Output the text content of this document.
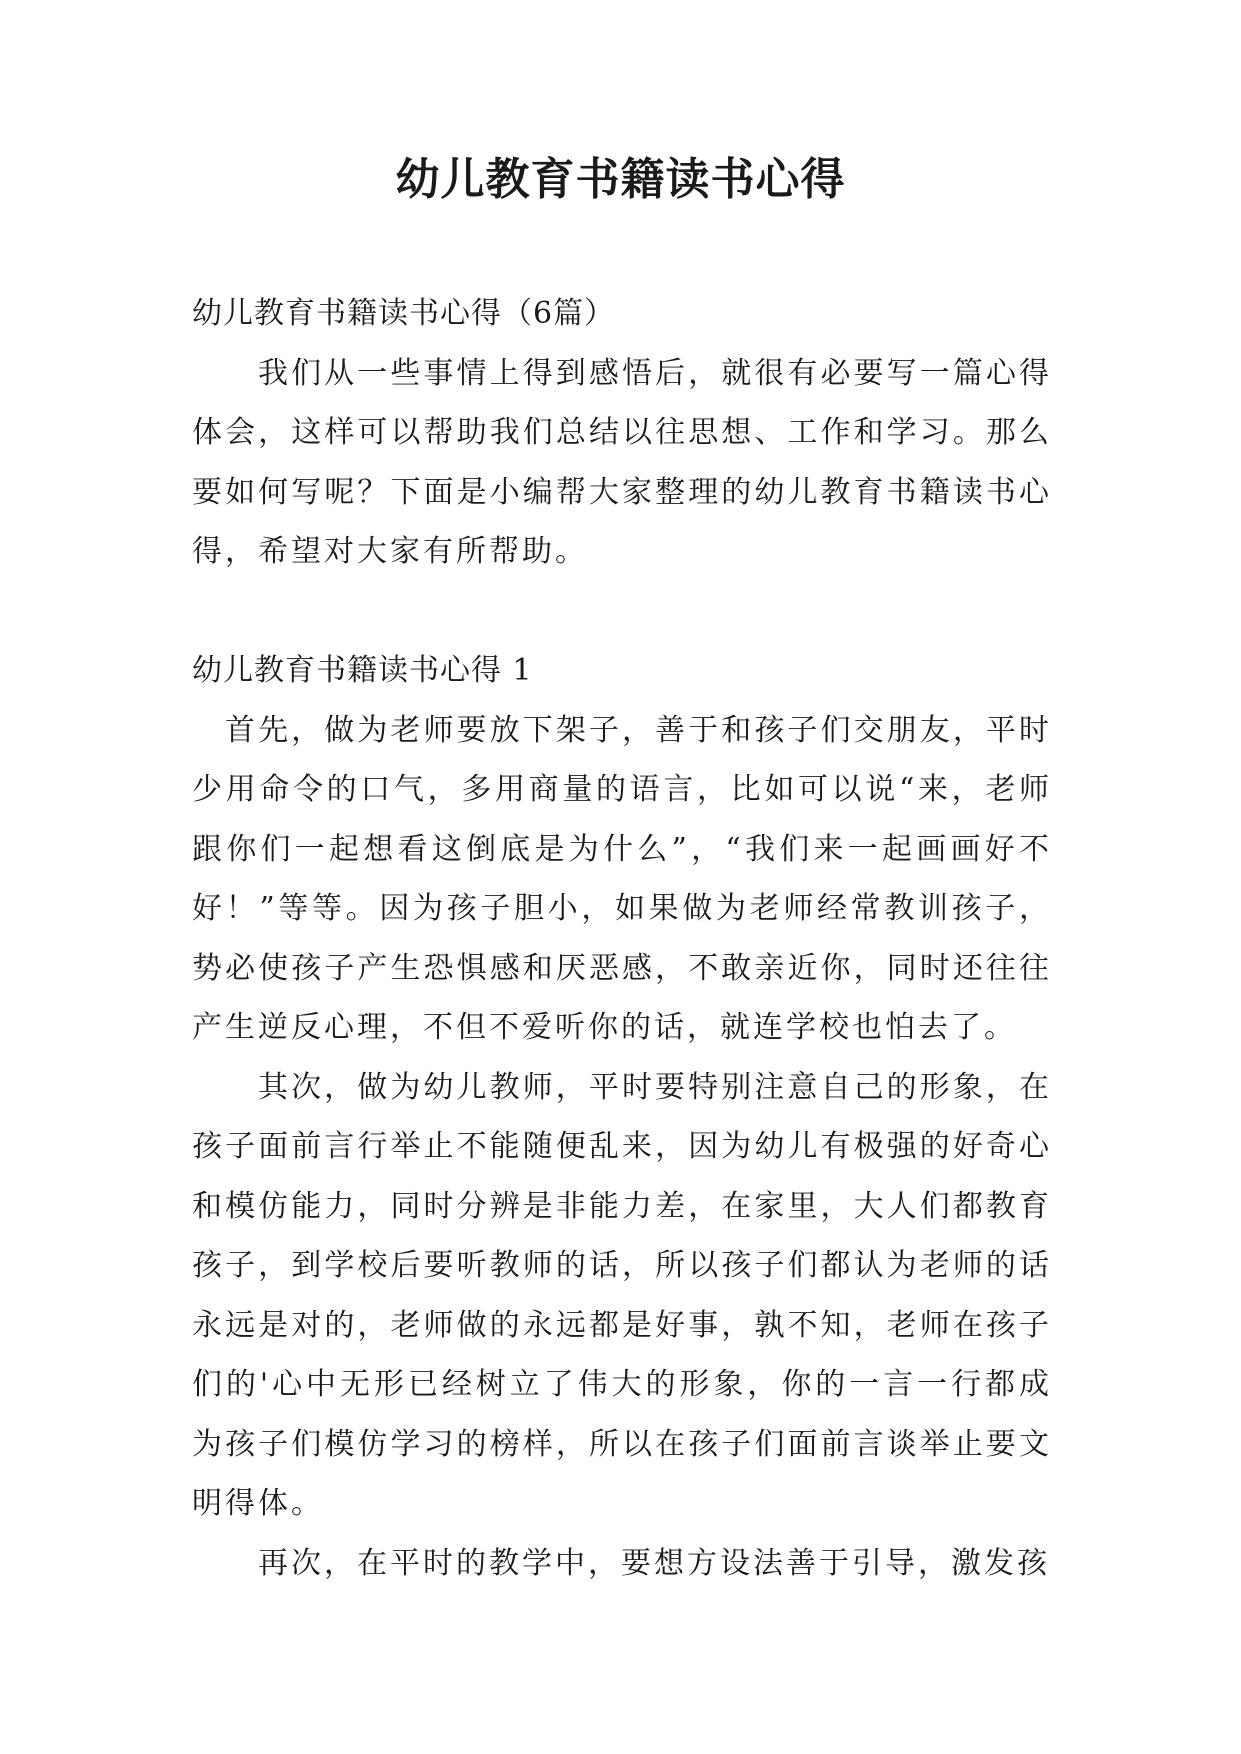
幼儿教育书籍读书心得

幼儿教育书籍读书心得（6篇）

我们从一些事情上得到感悟后，就很有必要写一篇心得体会，这样可以帮助我们总结以往思想、工作和学习。那么要如何写呢？下面是小编帮大家整理的幼儿教育书籍读书心得，希望对大家有所帮助。

幼儿教育书籍读书心得 1

首先，做为老师要放下架子，善于和孩子们交朋友，平时少用命令的口气，多用商量的语言，比如可以说“来，老师跟你们一起想看这倒底是为什么”，“我们来一起画画好不好！”等等。因为孩子胆小，如果做为老师经常教训孩子，势必使孩子产生恐惧感和厌恶感，不敢亲近你，同时还往往产生逆反心理，不但不爱听你的话，就连学校也怕去了。

其次，做为幼儿教师，平时要特别注意自己的形象，在孩子面前言行举止不能随便乱来，因为幼儿有极强的好奇心和模仿能力，同时分辨是非能力差，在家里，大人们都教育孩子，到学校后要听教师的话，所以孩子们都认为老师的话永远是对的，老师做的永远都是好事，孰不知，老师在孩子们的'心中无形已经树立了伟大的形象，你的一言一行都成为孩子们模仿学习的榜样，所以在孩子们面前言谈举止要文明得体。

再次，在平时的教学中，要想方设法善于引导，激发孩
